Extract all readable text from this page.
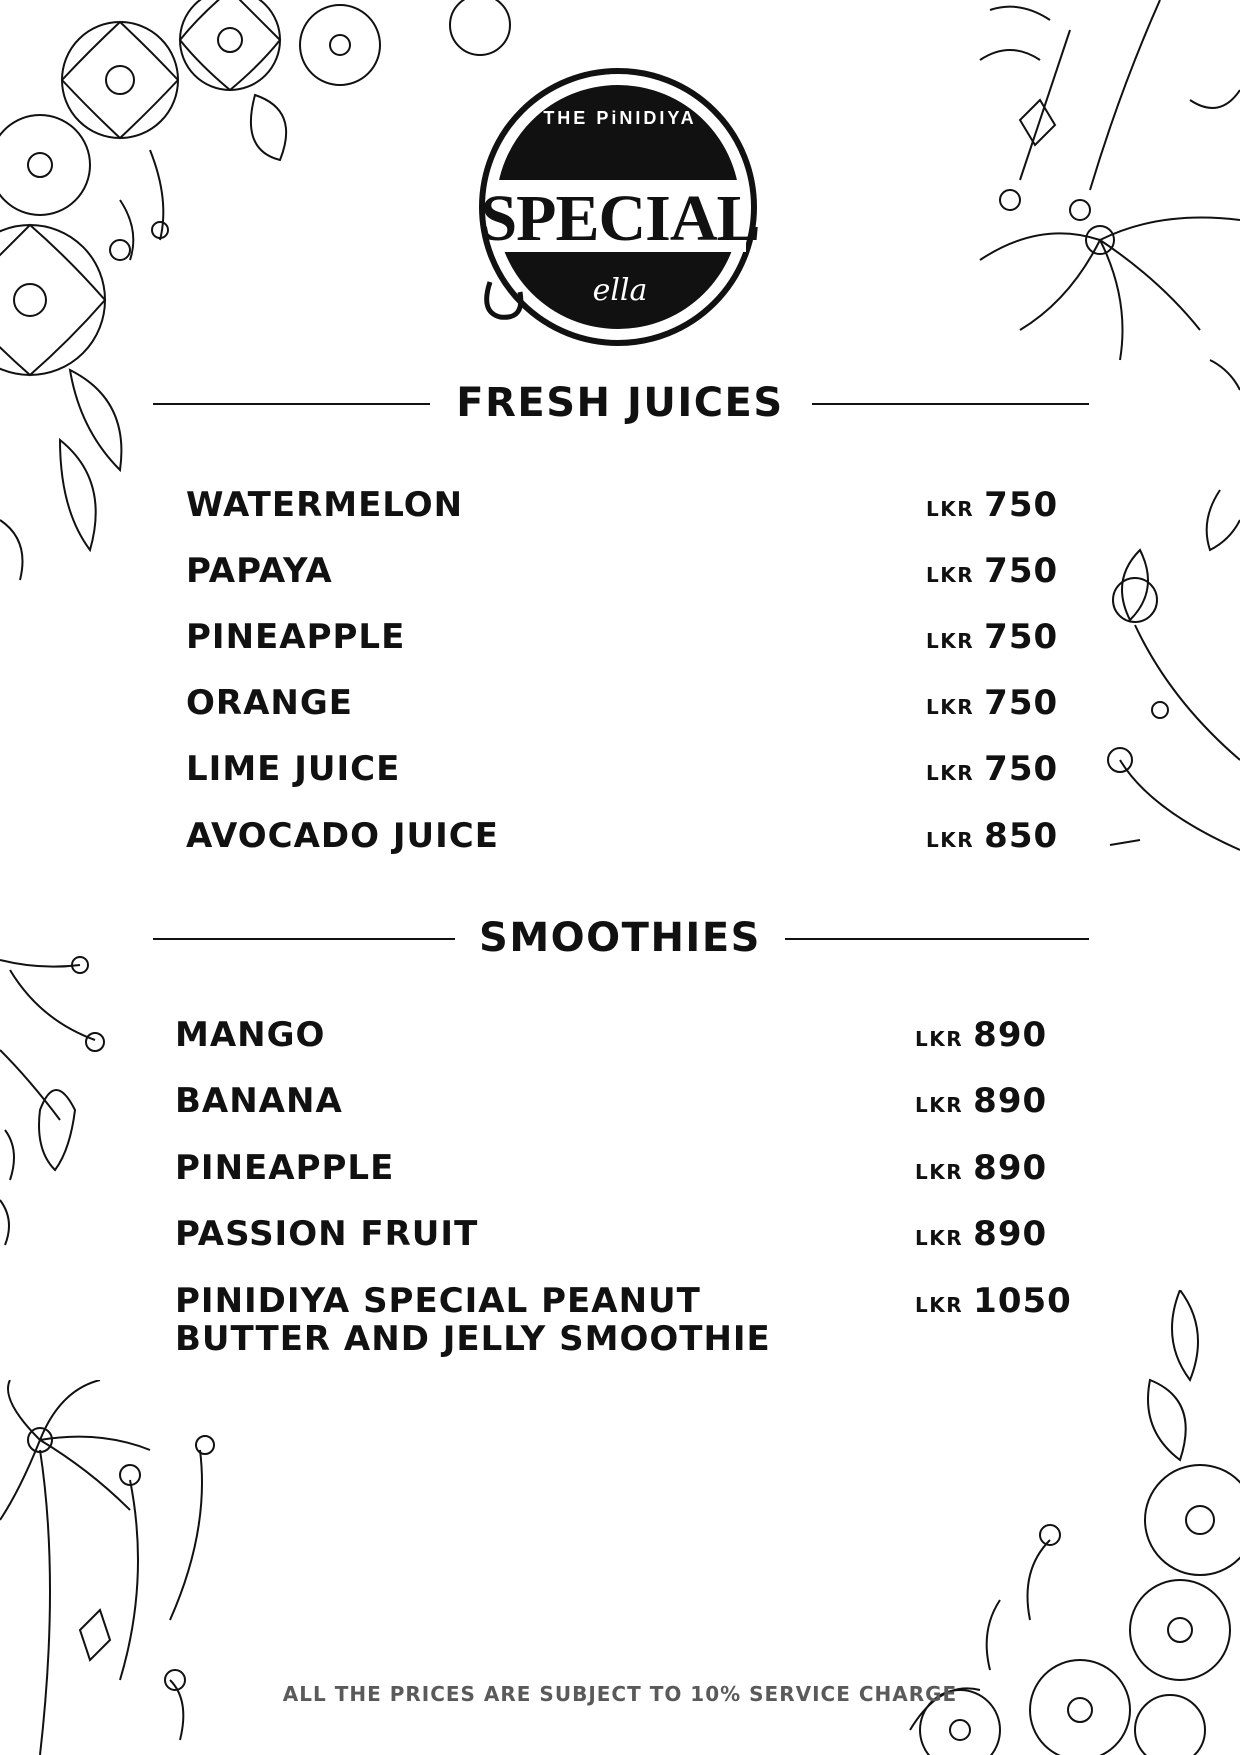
THE PiNIDIYA
SPECIAL
ella
FRESH JUICES
WATERMELON	LKR 750
PAPAYA	LKR 750
PINEAPPLE	LKR 750
ORANGE	LKR 750
LIME JUICE	LKR 750
AVOCADO JUICE	LKR 850
SMOOTHIES
MANGO	LKR 890
BANANA	LKR 890
PINEAPPLE	LKR 890
PASSION FRUIT	LKR 890
PINIDIYA SPECIAL PEANUT
BUTTER AND JELLY SMOOTHIE
LKR 1050
ALL THE PRICES ARE SUBJECT TO 10% SERVICE CHARGE
